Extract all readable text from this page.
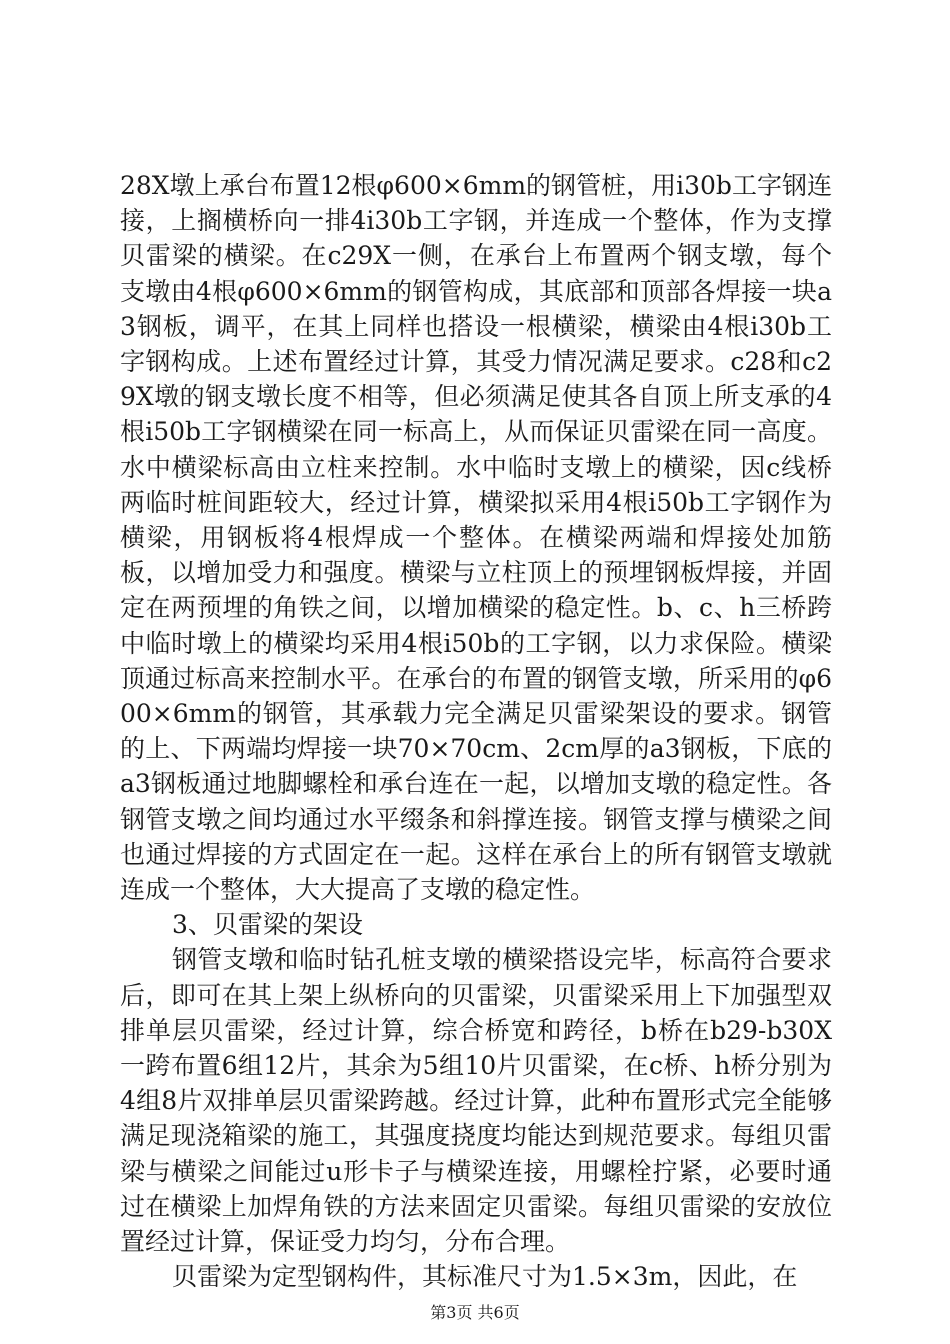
28X墩上承台布置12根φ600×6mm的钢管桩，用i30b工字钢连接，上搁横桥向一排4i30b工字钢，并连成一个整体，作为支撑贝雷梁的横梁。在c29X一侧，在承台上布置两个钢支墩，每个支墩由4根φ600×6mm的钢管构成，其底部和顶部各焊接一块a3钢板，调平，在其上同样也搭设一根横梁，横梁由4根i30b工字钢构成。上述布置经过计算，其受力情况满足要求。c28和c29X墩的钢支墩长度不相等，但必须满足使其各自顶上所支承的4根i50b工字钢横梁在同一标高上，从而保证贝雷梁在同一高度。水中横梁标高由立柱来控制。水中临时支墩上的横梁，因c线桥两临时桩间距较大，经过计算，横梁拟采用4根i50b工字钢作为横梁，用钢板将4根焊成一个整体。在横梁两端和焊接处加筋板，以增加受力和强度。横梁与立柱顶上的预埋钢板焊接，并固定在两预埋的角铁之间，以增加横梁的稳定性。b、c、h三桥跨中临时墩上的横梁均采用4根i50b的工字钢，以力求保险。横梁顶通过标高来控制水平。在承台的布置的钢管支墩，所采用的φ600×6mm的钢管，其承载力完全满足贝雷梁架设的要求。钢管的上、下两端均焊接一块70×70cm、2cm厚的a3钢板，下底的a3钢板通过地脚螺栓和承台连在一起，以增加支墩的稳定性。各钢管支墩之间均通过水平缀条和斜撑连接。钢管支撑与横梁之间也通过焊接的方式固定在一起。这样在承台上的所有钢管支墩就连成一个整体，大大提高了支墩的稳定性。

3、贝雷梁的架设

钢管支墩和临时钻孔桩支墩的横梁搭设完毕，标高符合要求后，即可在其上架上纵桥向的贝雷梁，贝雷梁采用上下加强型双排单层贝雷梁，经过计算，综合桥宽和跨径，b桥在b29-b30X一跨布置6组12片，其余为5组10片贝雷梁，在c桥、h桥分别为4组8片双排单层贝雷梁跨越。经过计算，此种布置形式完全能够满足现浇箱梁的施工，其强度挠度均能达到规范要求。每组贝雷梁与横梁之间能过u形卡子与横梁连接，用螺栓拧紧，必要时通过在横梁上加焊角铁的方法来固定贝雷梁。每组贝雷梁的安放位置经过计算，保证受力均匀，分布合理。

贝雷梁为定型钢构件，其标准尺寸为1.5×3m，因此，在

第3页 共6页
